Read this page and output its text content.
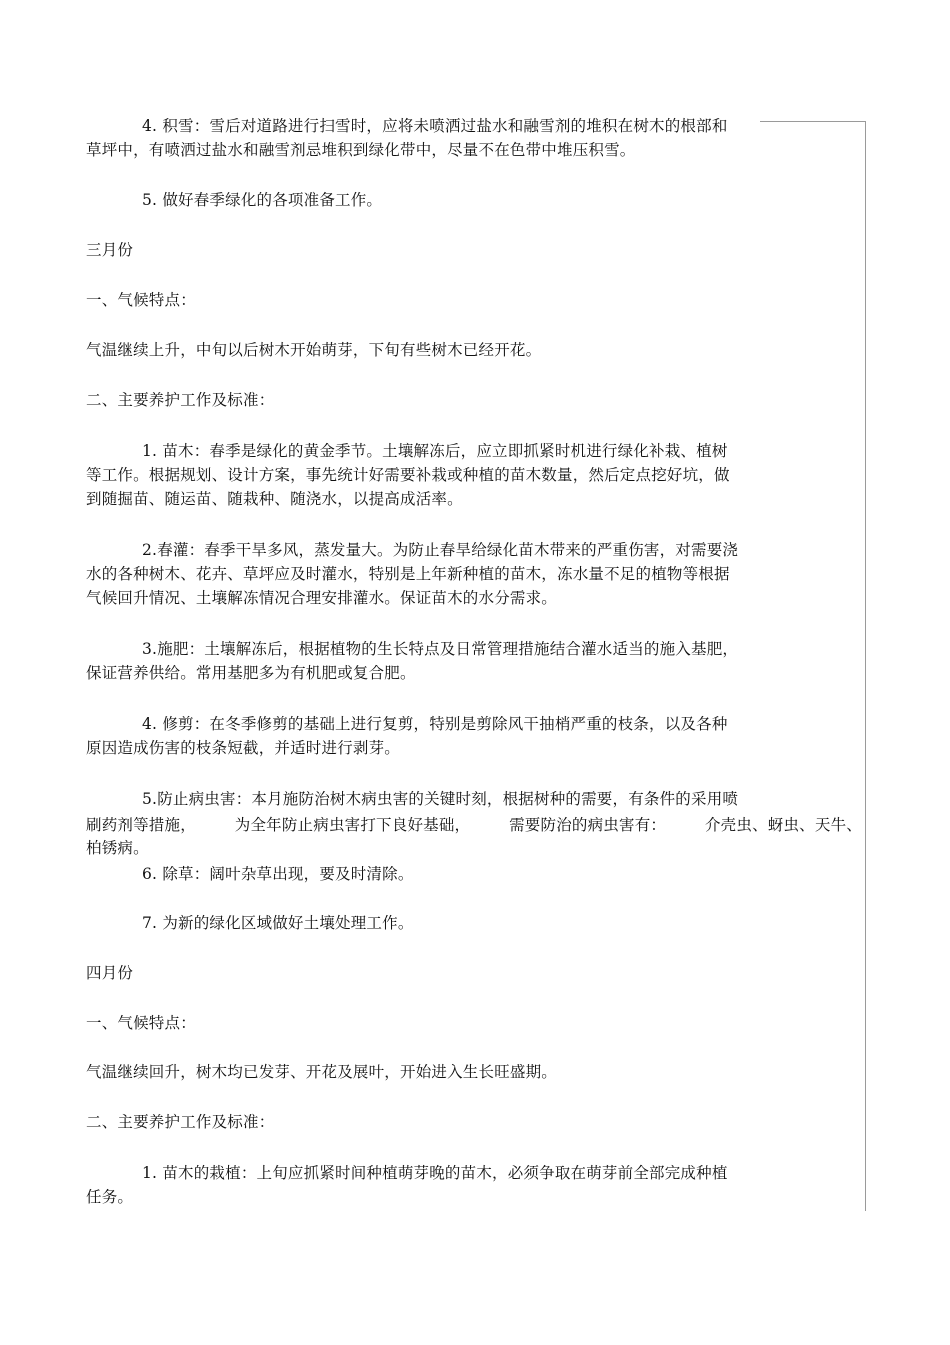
4. 积雪：雪后对道路进行扫雪时，应将未喷洒过盐水和融雪剂的堆积在树木的根部和
草坪中，有喷洒过盐水和融雪剂忌堆积到绿化带中，尽量不在色带中堆压积雪。
5. 做好春季绿化的各项准备工作。
三月份
一、气候特点：
气温继续上升，中旬以后树木开始萌芽，下旬有些树木已经开花。
二、主要养护工作及标准：
1. 苗木：春季是绿化的黄金季节。土壤解冻后，应立即抓紧时机进行绿化补栽、植树
等工作。根据规划、设计方案，事先统计好需要补栽或种植的苗木数量，然后定点挖好坑，做
到随掘苗、随运苗、随栽种、随浇水，以提高成活率。
2.春灌：春季干旱多风，蒸发量大。为防止春旱给绿化苗木带来的严重伤害，对需要浇
水的各种树木、花卉、草坪应及时灌水，特别是上年新种植的苗木，冻水量不足的植物等根据
气候回升情况、土壤解冻情况合理安排灌水。保证苗木的水分需求。
3.施肥：土壤解冻后，根据植物的生长特点及日常管理措施结合灌水适当的施入基肥，
保证营养供给。常用基肥多为有机肥或复合肥。
4. 修剪：在冬季修剪的基础上进行复剪，特别是剪除风干抽梢严重的枝条，以及各种
原因造成伤害的枝条短截，并适时进行剥芽。
5.防止病虫害：本月施防治树木病虫害的关键时刻，根据树种的需要，有条件的采用喷
刷药剂等措施，	为全年防止病虫害打下良好基础，	需要防治的病虫害有：	介壳虫、蚜虫、天牛、
柏锈病。
6. 除草：阔叶杂草出现，要及时清除。
7. 为新的绿化区域做好土壤处理工作。
四月份
一、气候特点：
气温继续回升，树木均已发芽、开花及展叶，开始进入生长旺盛期。
二、主要养护工作及标准：
1. 苗木的栽植：上旬应抓紧时间种植萌芽晚的苗木，必须争取在萌芽前全部完成种植
任务。
